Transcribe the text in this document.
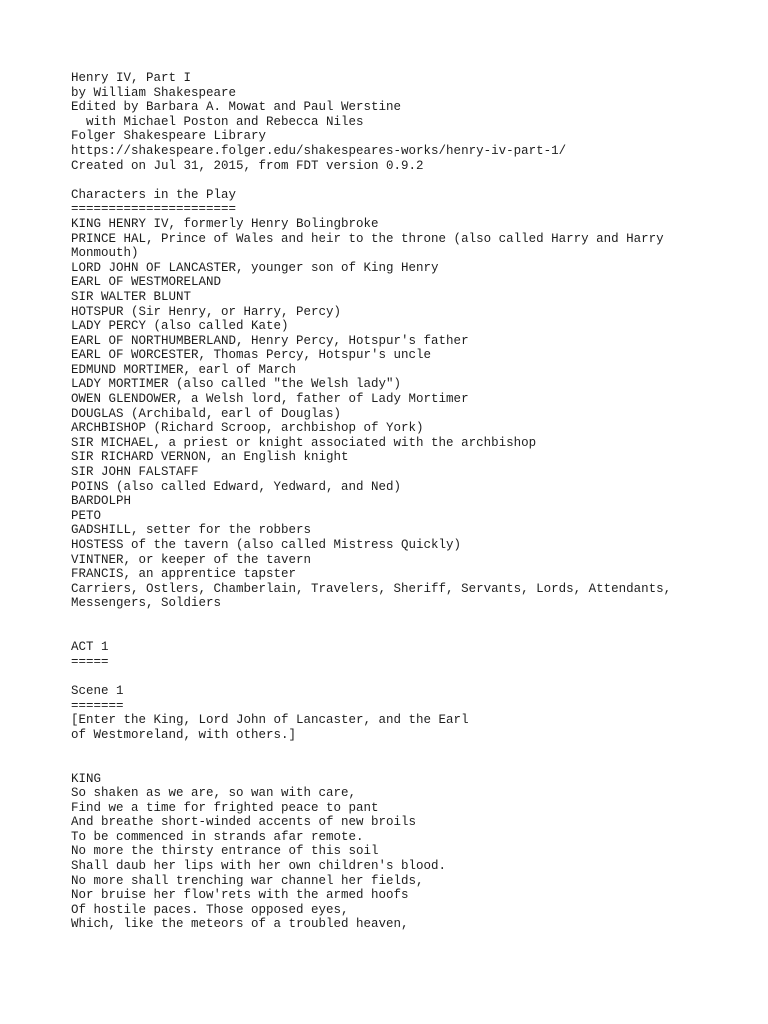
Henry IV, Part I
by William Shakespeare
Edited by Barbara A. Mowat and Paul Werstine
with Michael Poston and Rebecca Niles
Folger Shakespeare Library
https://shakespeare.folger.edu/shakespeares-works/henry-iv-part-1/
Created on Jul 31, 2015, from FDT version 0.9.2
Characters in the Play
======================
KING HENRY IV, formerly Henry Bolingbroke
PRINCE HAL, Prince of Wales and heir to the throne (also called Harry and Harry
Monmouth)
LORD JOHN OF LANCASTER, younger son of King Henry
EARL OF WESTMORELAND
SIR WALTER BLUNT
HOTSPUR (Sir Henry, or Harry, Percy)
LADY PERCY (also called Kate)
EARL OF NORTHUMBERLAND, Henry Percy, Hotspur's father
EARL OF WORCESTER, Thomas Percy, Hotspur's uncle
EDMUND MORTIMER, earl of March
LADY MORTIMER (also called "the Welsh lady")
OWEN GLENDOWER, a Welsh lord, father of Lady Mortimer
DOUGLAS (Archibald, earl of Douglas)
ARCHBISHOP (Richard Scroop, archbishop of York)
SIR MICHAEL, a priest or knight associated with the archbishop
SIR RICHARD VERNON, an English knight
SIR JOHN FALSTAFF
POINS (also called Edward, Yedward, and Ned)
BARDOLPH
PETO
GADSHILL, setter for the robbers
HOSTESS of the tavern (also called Mistress Quickly)
VINTNER, or keeper of the tavern
FRANCIS, an apprentice tapster
Carriers, Ostlers, Chamberlain, Travelers, Sheriff, Servants, Lords, Attendants,
Messengers, Soldiers
ACT 1
=====
Scene 1
=======
[Enter the King, Lord John of Lancaster, and the Earl
of Westmoreland, with others.]
KING
So shaken as we are, so wan with care,
Find we a time for frighted peace to pant
And breathe short-winded accents of new broils
To be commenced in strands afar remote.
No more the thirsty entrance of this soil
Shall daub her lips with her own children's blood.
No more shall trenching war channel her fields,
Nor bruise her flow'rets with the armed hoofs
Of hostile paces. Those opposed eyes,
Which, like the meteors of a troubled heaven,
